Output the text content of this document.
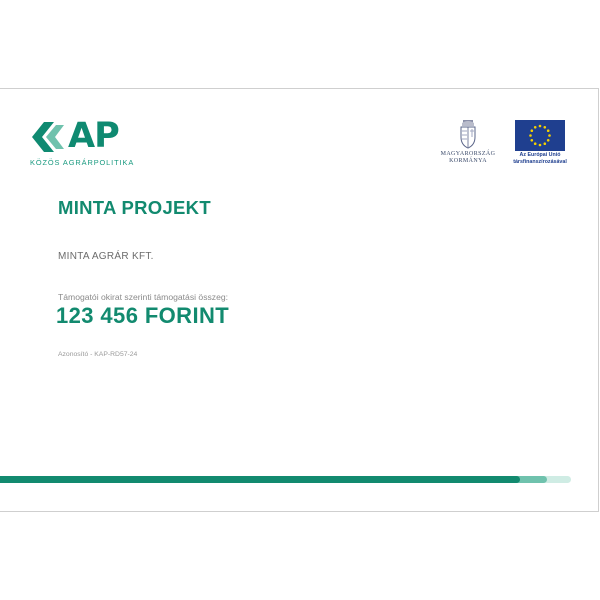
AP
KÖZÖS AGRÁRPOLITIKA
MAGYARORSZÁG
KORMÁNYA
Az Európai Unió
társfinanszírozásával
MINTA PROJEKT
MINTA AGRÁR KFT.
Támogatói okirat szerinti támogatási összeg:
123 456 FORINT
Azonosító - KAP-RD57-24
